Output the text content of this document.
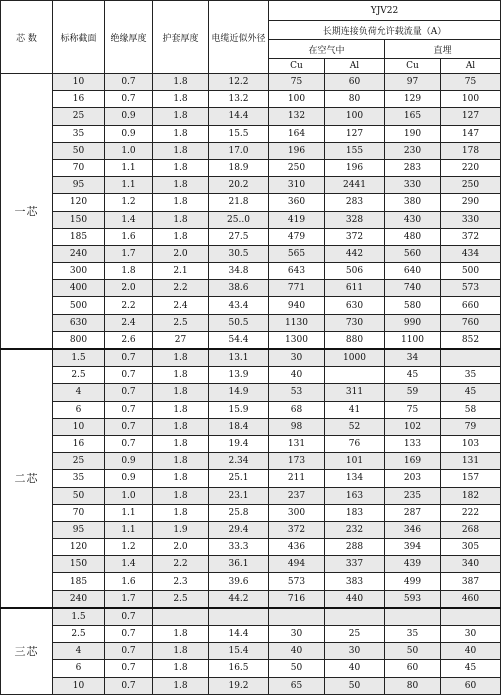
芯 数	标称截面	绝缘厚度	护套厚度	电缆近似外径	YJV22			
					长期连接负荷允许载流量（A）			
					在空气中		直埋	
					Cu	Al	Cu	Al
一芯	10	0.7	1.8	12.2	75	60	97	75
	16	0.7	1.8	13.2	100	80	129	100
	25	0.9	1.8	14.4	132	100	165	127
	35	0.9	1.8	15.5	164	127	190	147
	50	1.0	1.8	17.0	196	155	230	178
	70	1.1	1.8	18.9	250	196	283	220
	95	1.1	1.8	20.2	310	2441	330	250
	120	1.2	1.8	21.8	360	283	380	290
	150	1.4	1.8	25..0	419	328	430	330
	185	1.6	1.8	27.5	479	372	480	372
	240	1.7	2.0	30.5	565	442	560	434
	300	1.8	2.1	34.8	643	506	640	500
	400	2.0	2.2	38.6	771	611	740	573
	500	2.2	2.4	43.4	940	630	580	660
	630	2.4	2.5	50.5	1130	730	990	760
	800	2.6	27	54.4	1300	880	1100	852
二芯	1.5	0.7	1.8	13.1	30	1000	34	
	2.5	0.7	1.8	13.9	40		45	35
	4	0.7	1.8	14.9	53	311	59	45
	6	0.7	1.8	15.9	68	41	75	58
	10	0.7	1.8	18.4	98	52	102	79
	16	0.7	1.8	19.4	131	76	133	103
	25	0.9	1.8	2.34	173	101	169	131
	35	0.9	1.8	25.1	211	134	203	157
	50	1.0	1.8	23.1	237	163	235	182
	70	1.1	1.8	25.8	300	183	287	222
	95	1.1	1.9	29.4	372	232	346	268
	120	1.2	2.0	33.3	436	288	394	305
	150	1.4	2.2	36.1	494	337	439	340
	185	1.6	2.3	39.6	573	383	499	387
	240	1.7	2.5	44.2	716	440	593	460
三芯	1.5	0.7						
	2.5	0.7	1.8	14.4	30	25	35	30
	4	0.7	1.8	15.4	40	30	50	40
	6	0.7	1.8	16.5	50	40	60	45
	10	0.7	1.8	19.2	65	50	80	60
